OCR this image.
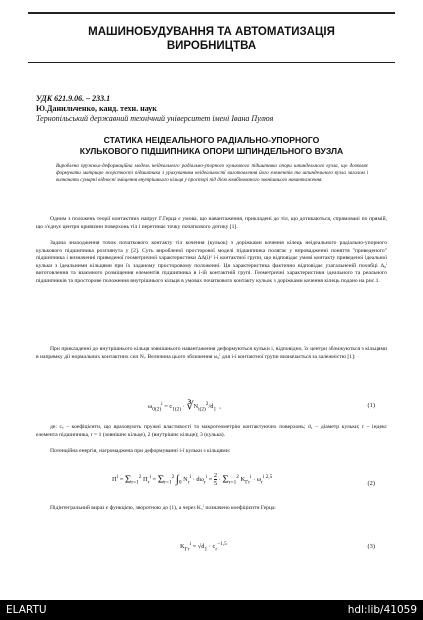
МАШИНОБУДУВАННЯ ТА АВТОМАТИЗАЦІЯ
ВИРОБНИЦТВА
УДК 621.9.06. – 233.1
Ю.Данильченко, канд. техн. наук
Тернопільський державний технічний університет імені Івана Пулюя
СТАТИКА НЕІДЕАЛЬНОГО РАДІАЛЬНО-УПОРНОГО
КУЛЬКОВОГО ПІДШИПНИКА ОПОРИ ШПИНДЕЛЬНОГО ВУЗЛА
Вироблена пружньо-деформаційна модель неідеального радіально-упорного кулькового підшипника опори шпиндельного вузла, що дозволяє формувати матрицю жорсткості підшипника з урахуванням неідеальності виготовлення його елементів та шпиндельного вузла загалом і визначати сумарні відносні зміщення внутрішнього кільця у просторі під дією комбінованого зовнішнього навантаження.
Одним з положень теорії контактних напруг Г.Герца є умова, що навантаження, прикладені до тіл, що дотикаються, спрямовані по прямій, що з'єднує центри кривизни поверхонь тіл і перетинає точку початкового дотику [1].
Задача знаходження точок початкового контакту тіл кочення (кульок) з доріжками кочення кілець неідеального радіально-упорного кулькового підшипника розглянута у [2]. Суть виробленої просторової моделі підшипника полягає у впровадженні поняття "приведеного" підшипника і визначенні приведеної геометричної характеристики ΔΔ(i)¹ і-ї контактної групи, що відповідає умові контакту приведеної ідеальної кульки з ідеальними кільцями при їх заданому просторовому положенні. Ця характеристика фактично відповідає узагальненій похибці Δ₀ⁱ виготовлення та взаємного розміщення елементів підшипника в і-ій контактній групі. Геометричні характеристики ідеального та реального підшипників та просторове положення внутрішнього кільця в умовах початкового контакту кульок з доріжками кочення кілець подано на рис.1.
При прикладенні до внутрішнього кільця зовнішнього навантаження деформуються кульки і, відповідно, їх центри зближуються з кільцями в напрямку дії нормальних контактних сил Nᵢ. Величина цього зближення ω₀ⁱ для і-ї контактної групи визначається за залежністю [1]:
$\omega_{0(2)}^i = c_{1(2)}$ · $∛N_{i(2)}^2/d_1$  ,	(1)
де: cₑ – коефіцієнти, що враховують пружні властивості та макрогеометрію контактуючих поверхонь; d₁ – діаметр кульки; r – індекс елемента підшипника, r = 1 (зовнішнє кільце), 2 (внутрішнє кільце); 3 (кулька).
Потенційна енергія, нагромаджена при деформуванні і-ї кульки з кільцями:
$\Pi^i = \Sigma_{r=1}^2$ $\Pi_r^i = \Sigma_{r=1}^2$ $\int_0$ $N_r^i \cdot d\omega_r^i = \frac{2}{5} \cdot \Sigma_{r=1}^2$ $K_{\Gamma r}^i \cdot \omega_r^{i 2,5}$
(2)
Підінтегральний вираз є функцією, зворотною до (1), а через K₁ⁱ позначено коефіцієнти Герца:
$K_{\Gamma r}^i = √d_1 \cdot c_r^{-1,5}$	(3)
ELARTU	hdl:lib/41059
